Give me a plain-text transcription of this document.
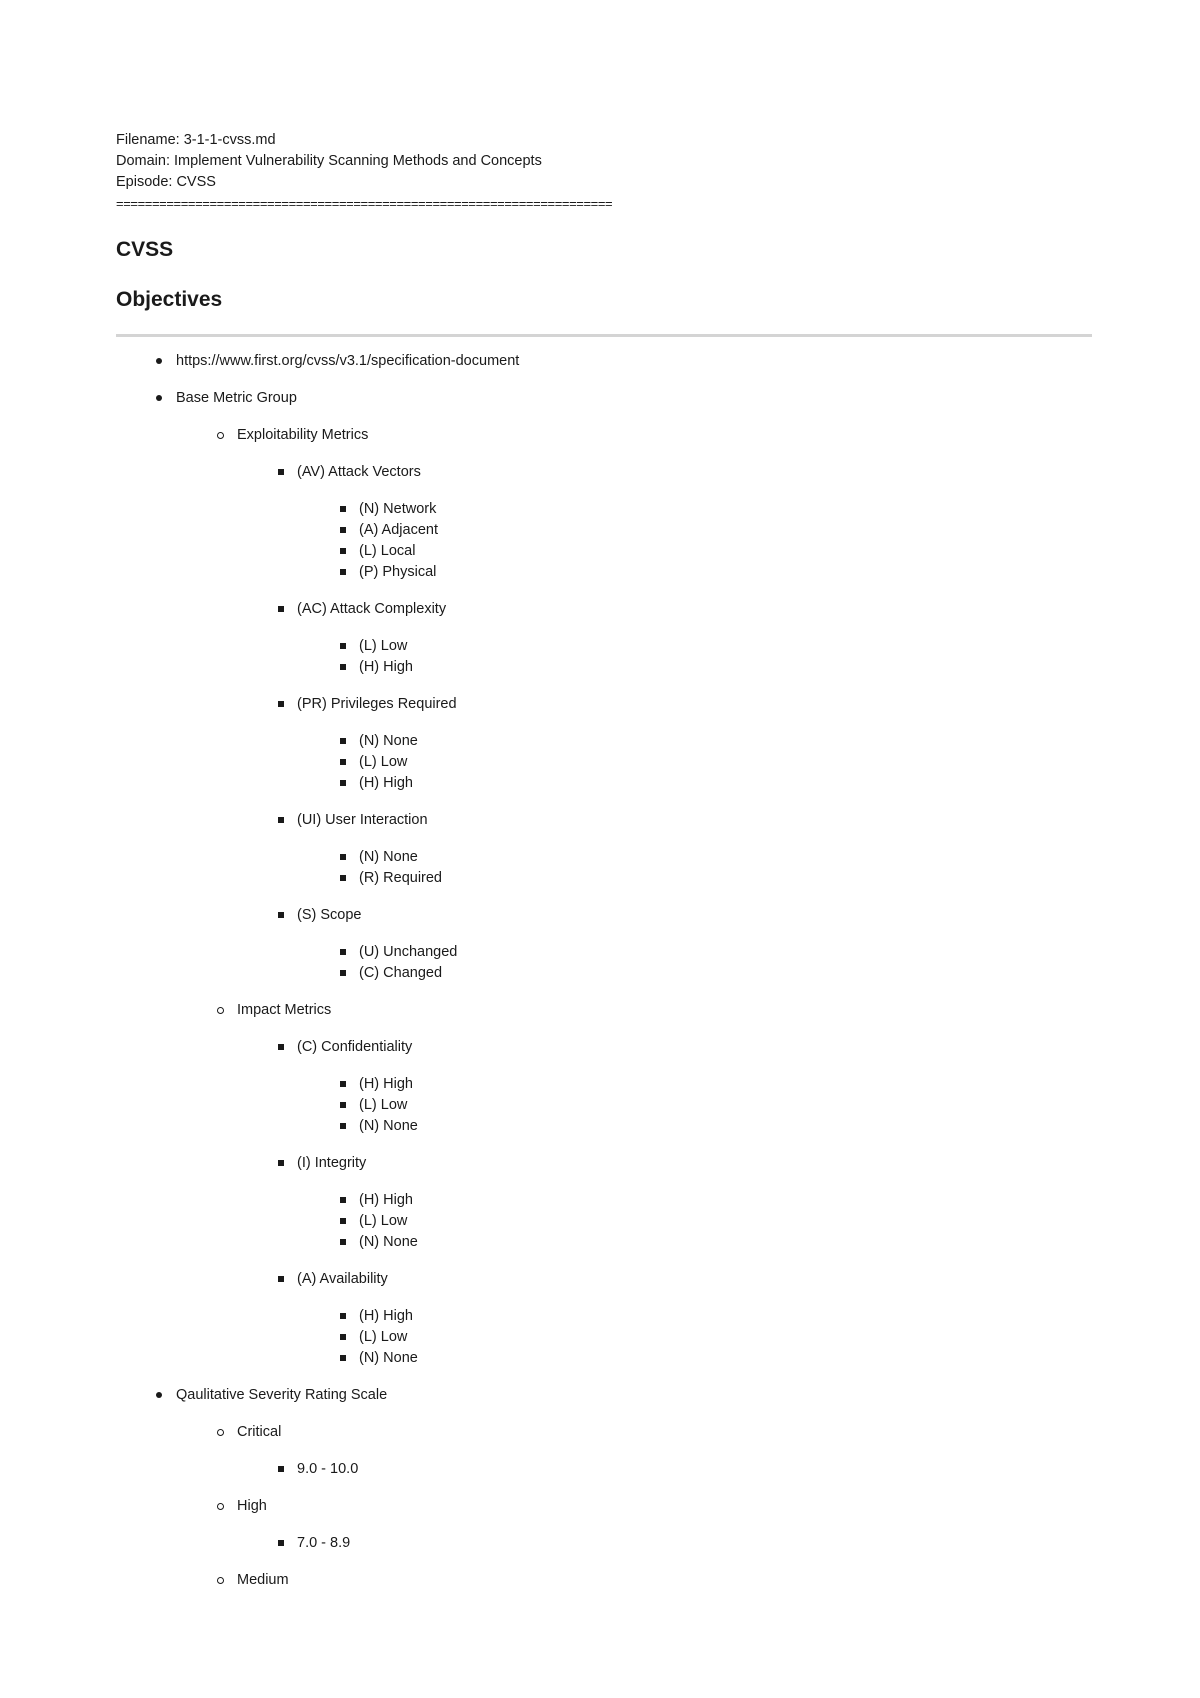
Filename: 3-1-1-cvss.md
Domain: Implement Vulnerability Scanning Methods and Concepts
Episode: CVSS
=====================================================================
CVSS
Objectives
https://www.first.org/cvss/v3.1/specification-document
Base Metric Group
Exploitability Metrics
(AV) Attack Vectors
(N) Network
(A) Adjacent
(L) Local
(P) Physical
(AC) Attack Complexity
(L) Low
(H) High
(PR) Privileges Required
(N) None
(L) Low
(H) High
(UI) User Interaction
(N) None
(R) Required
(S) Scope
(U) Unchanged
(C) Changed
Impact Metrics
(C) Confidentiality
(H) High
(L) Low
(N) None
(I) Integrity
(H) High
(L) Low
(N) None
(A) Availability
(H) High
(L) Low
(N) None
Qaulitative Severity Rating Scale
Critical
9.0 - 10.0
High
7.0 - 8.9
Medium
